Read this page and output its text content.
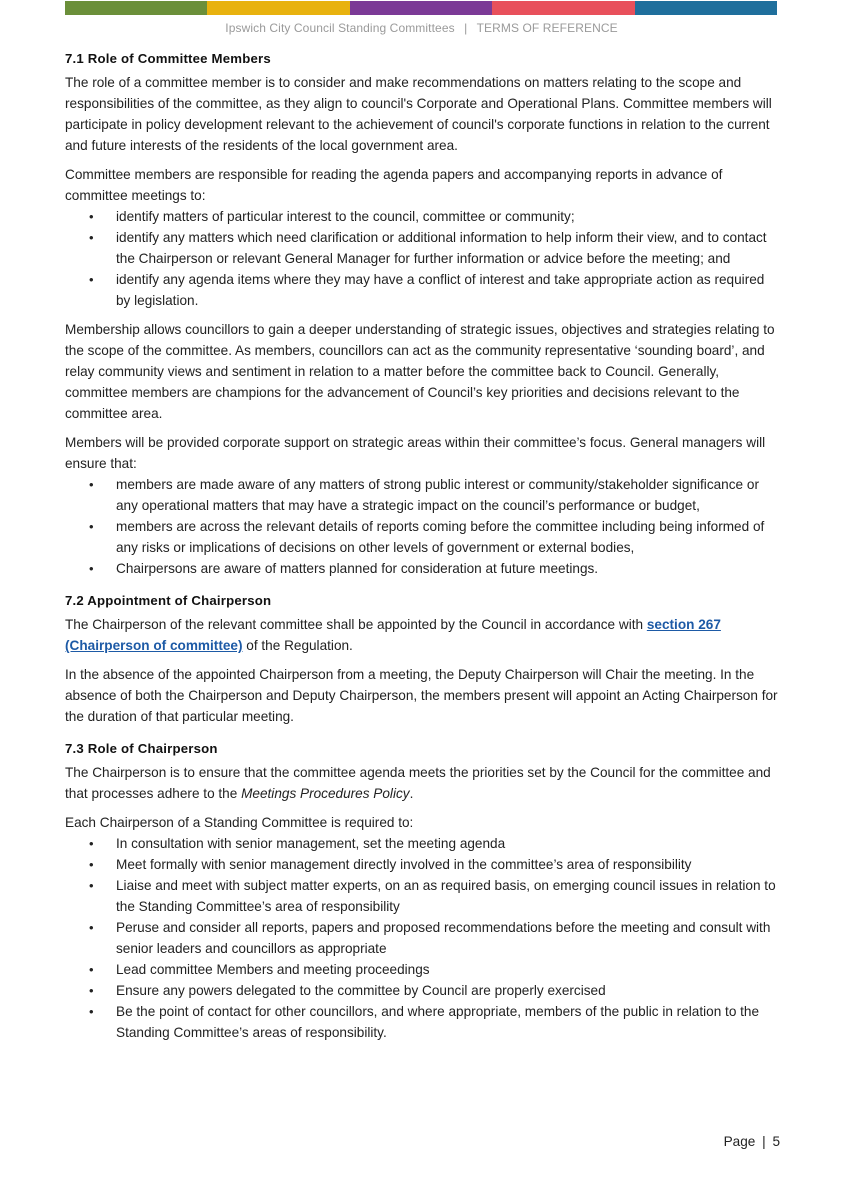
Ipswich City Council Standing Committees | TERMS OF REFERENCE
7.1 Role of Committee Members

The role of a committee member is to consider and make recommendations on matters relating to the scope and responsibilities of the committee, as they align to council's Corporate and Operational Plans. Committee members will participate in policy development relevant to the achievement of council's corporate functions in relation to the current and future interests of the residents of the local government area.

Committee members are responsible for reading the agenda papers and accompanying reports in advance of committee meetings to:

• identify matters of particular interest to the council, committee or community;
• identify any matters which need clarification or additional information to help inform their view, and to contact the Chairperson or relevant General Manager for further information or advice before the meeting; and
• identify any agenda items where they may have a conflict of interest and take appropriate action as required by legislation.

Membership allows councillors to gain a deeper understanding of strategic issues, objectives and strategies relating to the scope of the committee. As members, councillors can act as the community representative ‘sounding board’, and relay community views and sentiment in relation to a matter before the committee back to Council. Generally, committee members are champions for the advancement of Council’s key priorities and decisions relevant to the committee area.

Members will be provided corporate support on strategic areas within their committee’s focus. General managers will ensure that:

• members are made aware of any matters of strong public interest or community/stakeholder significance or any operational matters that may have a strategic impact on the council’s performance or budget,
• members are across the relevant details of reports coming before the committee including being informed of any risks or implications of decisions on other levels of government or external bodies,
• Chairpersons are aware of matters planned for consideration at future meetings.
7.2 Appointment of Chairperson

The Chairperson of the relevant committee shall be appointed by the Council in accordance with section 267 (Chairperson of committee) of the Regulation.

In the absence of the appointed Chairperson from a meeting, the Deputy Chairperson will Chair the meeting. In the absence of both the Chairperson and Deputy Chairperson, the members present will appoint an Acting Chairperson for the duration of that particular meeting.

7.3 Role of Chairperson

The Chairperson is to ensure that the committee agenda meets the priorities set by the Council for the committee and that processes adhere to the Meetings Procedures Policy.

Each Chairperson of a Standing Committee is required to:

• In consultation with senior management, set the meeting agenda
• Meet formally with senior management directly involved in the committee’s area of responsibility
• Liaise and meet with subject matter experts, on an as required basis, on emerging council issues in relation to the Standing Committee’s area of responsibility
• Peruse and consider all reports, papers and proposed recommendations before the meeting and consult with senior leaders and councillors as appropriate
• Lead committee Members and meeting proceedings
• Ensure any powers delegated to the committee by Council are properly exercised
• Be the point of contact for other councillors, and where appropriate, members of the public in relation to the Standing Committee’s areas of responsibility.
Page | 5
